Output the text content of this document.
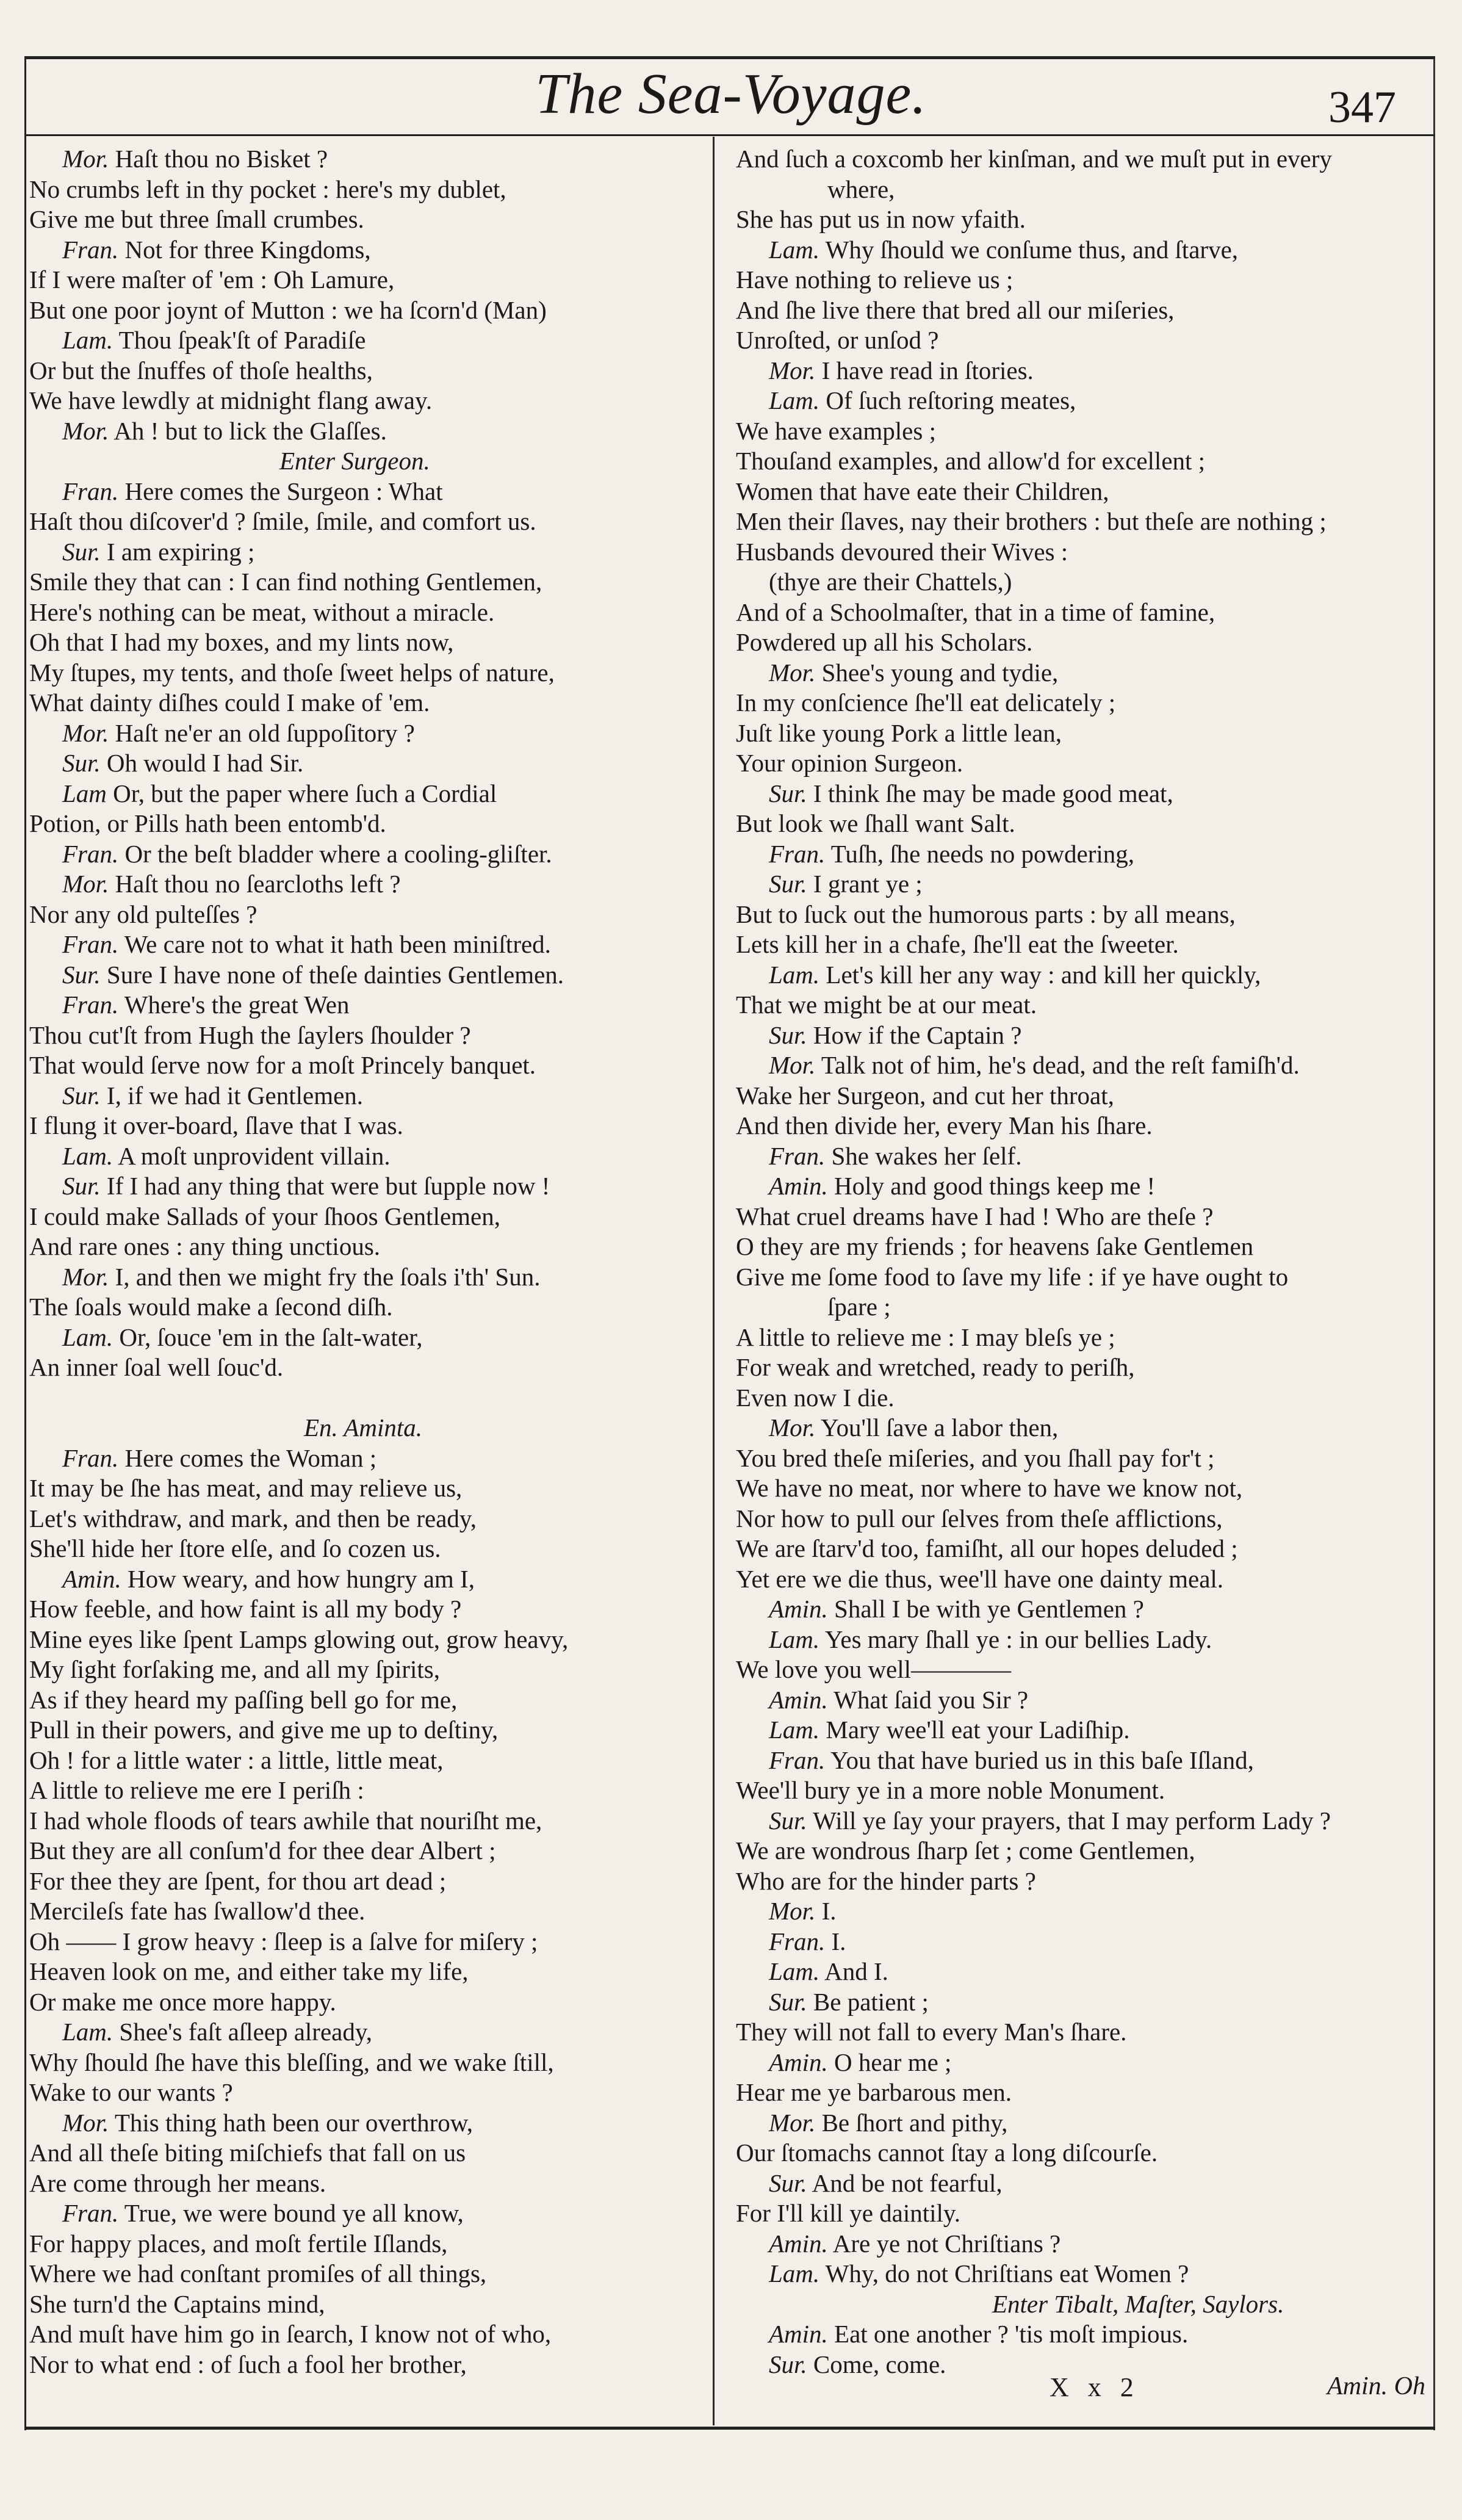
The Sea-Voyage.	347
Mor. Haſt thou no Bisket ?
No crumbs left in thy pocket : here's my dublet,
Give me but three ſmall crumbes.
Fran. Not for three Kingdoms,
If I were maſter of 'em : Oh Lamure,
But one poor joynt of Mutton : we ha ſcorn'd (Man)
Lam. Thou ſpeak'ſt of Paradiſe
Or but the ſnuffes of thoſe healths,
We have lewdly at midnight flang away.
Mor. Ah ! but to lick the Glaſſes.
Enter Surgeon.
Fran. Here comes the Surgeon : What
Haſt thou diſcover'd ? ſmile, ſmile, and comfort us.
Sur. I am expiring ;
Smile they that can : I can find nothing Gentlemen,
Here's nothing can be meat, without a miracle.
Oh that I had my boxes, and my lints now,
My ſtupes, my tents, and thoſe ſweet helps of nature,
What dainty diſhes could I make of 'em.
Mor. Haſt ne'er an old ſuppoſitory ?
Sur. Oh would I had Sir.
Lam Or, but the paper where ſuch a Cordial
Potion, or Pills hath been entomb'd.
Fran. Or the beſt bladder where a cooling-gliſter.
Mor. Haſt thou no ſearcloths left ?
Nor any old pulteſſes ?
Fran. We care not to what it hath been miniſtred.
Sur. Sure I have none of theſe dainties Gentlemen.
Fran. Where's the great Wen
Thou cut'ſt from Hugh the ſaylers ſhoulder ?
That would ſerve now for a moſt Princely banquet.
Sur. I, if we had it Gentlemen.
I flung it over-board, ſlave that I was.
Lam. A moſt unprovident villain.
Sur. If I had any thing that were but ſupple now !
I could make Sallads of your ſhoos Gentlemen,
And rare ones : any thing unctious.
Mor. I, and then we might fry the ſoals i'th' Sun.
The ſoals would make a ſecond diſh.
Lam. Or, ſouce 'em in the ſalt-water,
An inner ſoal well ſouc'd.
En. Aminta.
Fran. Here comes the Woman ;
It may be ſhe has meat, and may relieve us,
Let's withdraw, and mark, and then be ready,
She'll hide her ſtore elſe, and ſo cozen us.
Amin. How weary, and how hungry am I,
How feeble, and how faint is all my body ?
Mine eyes like ſpent Lamps glowing out, grow heavy,
My ſight forſaking me, and all my ſpirits,
As if they heard my paſſing bell go for me,
Pull in their powers, and give me up to deſtiny,
Oh ! for a little water : a little, little meat,
A little to relieve me ere I periſh :
I had whole floods of tears awhile that nouriſht me,
But they are all conſum'd for thee dear Albert ;
For thee they are ſpent, for thou art dead ;
Mercileſs fate has ſwallow'd thee.
Oh —— I grow heavy : ſleep is a ſalve for miſery ;
Heaven look on me, and either take my life,
Or make me once more happy.
Lam. Shee's faſt aſleep already,
Why ſhould ſhe have this bleſſing, and we wake ſtill,
Wake to our wants ?
Mor. This thing hath been our overthrow,
And all theſe biting miſchiefs that fall on us
Are come through her means.
Fran. True, we were bound ye all know,
For happy places, and moſt fertile Iſlands,
Where we had conſtant promiſes of all things,
She turn'd the Captains mind,
And muſt have him go in ſearch, I know not of who,
Nor to what end : of ſuch a fool her brother,
And ſuch a coxcomb her kinſman, and we muſt put in every
where,
She has put us in now yfaith.
Lam. Why ſhould we conſume thus, and ſtarve,
Have nothing to relieve us ;
And ſhe live there that bred all our miſeries,
Unroſted, or unſod ?
Mor. I have read in ſtories.
Lam. Of ſuch reſtoring meates,
We have examples ;
Thouſand examples, and allow'd for excellent ;
Women that have eate their Children,
Men their ſlaves, nay their brothers : but theſe are nothing ;
Husbands devoured their Wives :
(thye are their Chattels,)
And of a Schoolmaſter, that in a time of famine,
Powdered up all his Scholars.
Mor. Shee's young and tydie,
In my conſcience ſhe'll eat delicately ;
Juſt like young Pork a little lean,
Your opinion Surgeon.
Sur. I think ſhe may be made good meat,
But look we ſhall want Salt.
Fran. Tuſh, ſhe needs no powdering,
Sur. I grant ye ;
But to ſuck out the humorous parts : by all means,
Lets kill her in a chafe, ſhe'll eat the ſweeter.
Lam. Let's kill her any way : and kill her quickly,
That we might be at our meat.
Sur. How if the Captain ?
Mor. Talk not of him, he's dead, and the reſt famiſh'd.
Wake her Surgeon, and cut her throat,
And then divide her, every Man his ſhare.
Fran. She wakes her ſelf.
Amin. Holy and good things keep me !
What cruel dreams have I had ! Who are theſe ?
O they are my friends ; for heavens ſake Gentlemen
Give me ſome food to ſave my life : if ye have ought to
ſpare ;
A little to relieve me : I may bleſs ye ;
For weak and wretched, ready to periſh,
Even now I die.
Mor. You'll ſave a labor then,
You bred theſe miſeries, and you ſhall pay for't ;
We have no meat, nor where to have we know not,
Nor how to pull our ſelves from theſe afflictions,
We are ſtarv'd too, famiſht, all our hopes deluded ;
Yet ere we die thus, wee'll have one dainty meal.
Amin. Shall I be with ye Gentlemen ?
Lam. Yes mary ſhall ye : in our bellies Lady.
We love you well————
Amin. What ſaid you Sir ?
Lam. Mary wee'll eat your Ladiſhip.
Fran. You that have buried us in this baſe Iſland,
Wee'll bury ye in a more noble Monument.
Sur. Will ye ſay your prayers, that I may perform Lady ?
We are wondrous ſharp ſet ; come Gentlemen,
Who are for the hinder parts ?
Mor. I.
Fran. I.
Lam. And I.
Sur. Be patient ;
They will not fall to every Man's ſhare.
Amin. O hear me ;
Hear me ye barbarous men.
Mor. Be ſhort and pithy,
Our ſtomachs cannot ſtay a long diſcourſe.
Sur. And be not fearful,
For I'll kill ye daintily.
Amin. Are ye not Chriſtians ?
Lam. Why, do not Chriſtians eat Women ?
Enter Tibalt, Maſter, Saylors.
Amin. Eat one another ? 'tis moſt impious.
Sur. Come, come.
X x 2	Amin. Oh
